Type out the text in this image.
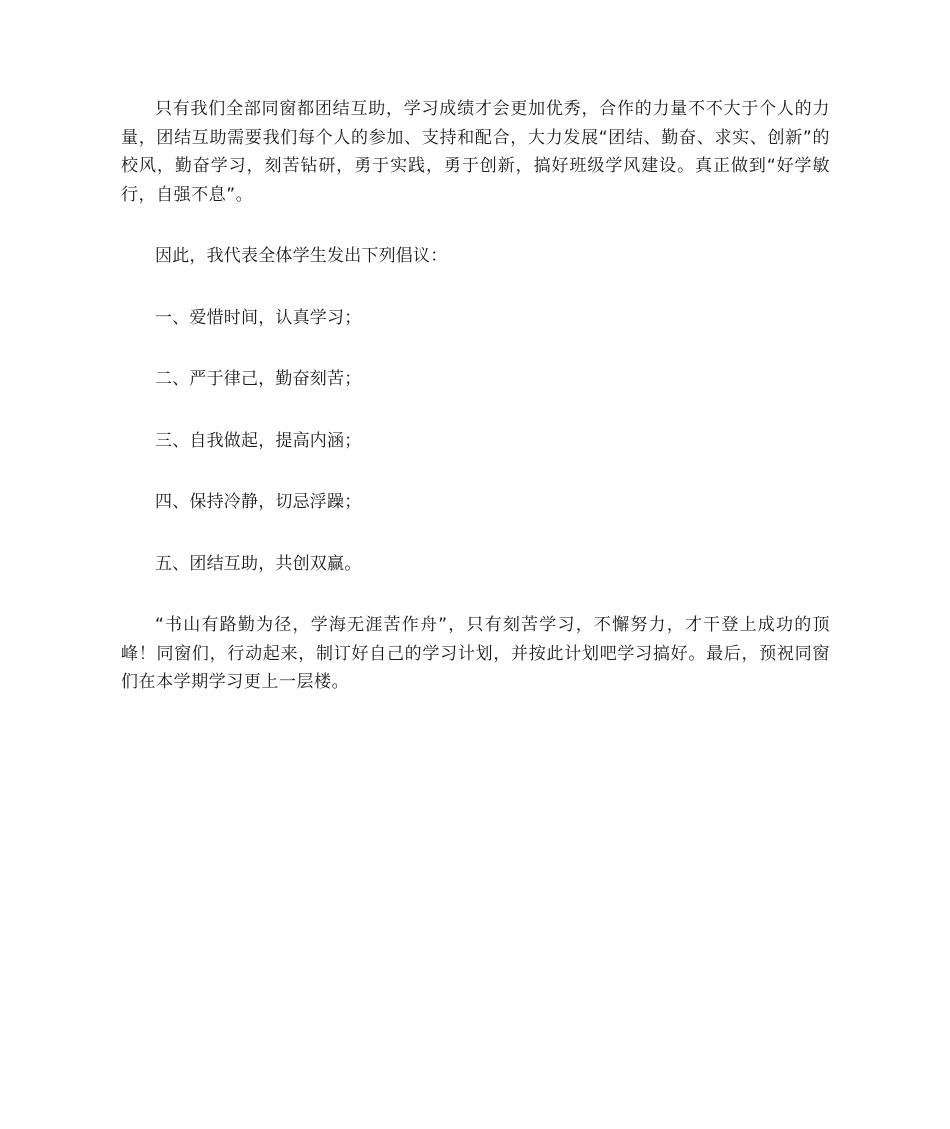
只有我们全部同窗都团结互助，学习成绩才会更加优秀，合作的力量不不大于个人的力量，团结互助需要我们每个人的参加、支持和配合，大力发展“团结、勤奋、求实、创新”的校风，勤奋学习，刻苦钻研，勇于实践，勇于创新，搞好班级学风建设。真正做到“好学敏行，自强不息”。

因此，我代表全体学生发出下列倡议：

一、爱惜时间，认真学习；

二、严于律己，勤奋刻苦；

三、自我做起，提高内涵；

四、保持冷静，切忌浮躁；

五、团结互助，共创双赢。

“书山有路勤为径，学海无涯苦作舟”，只有刻苦学习，不懈努力，才干登上成功的顶峰！同窗们，行动起来，制订好自己的学习计划，并按此计划吧学习搞好。最后，预祝同窗们在本学期学习更上一层楼。
